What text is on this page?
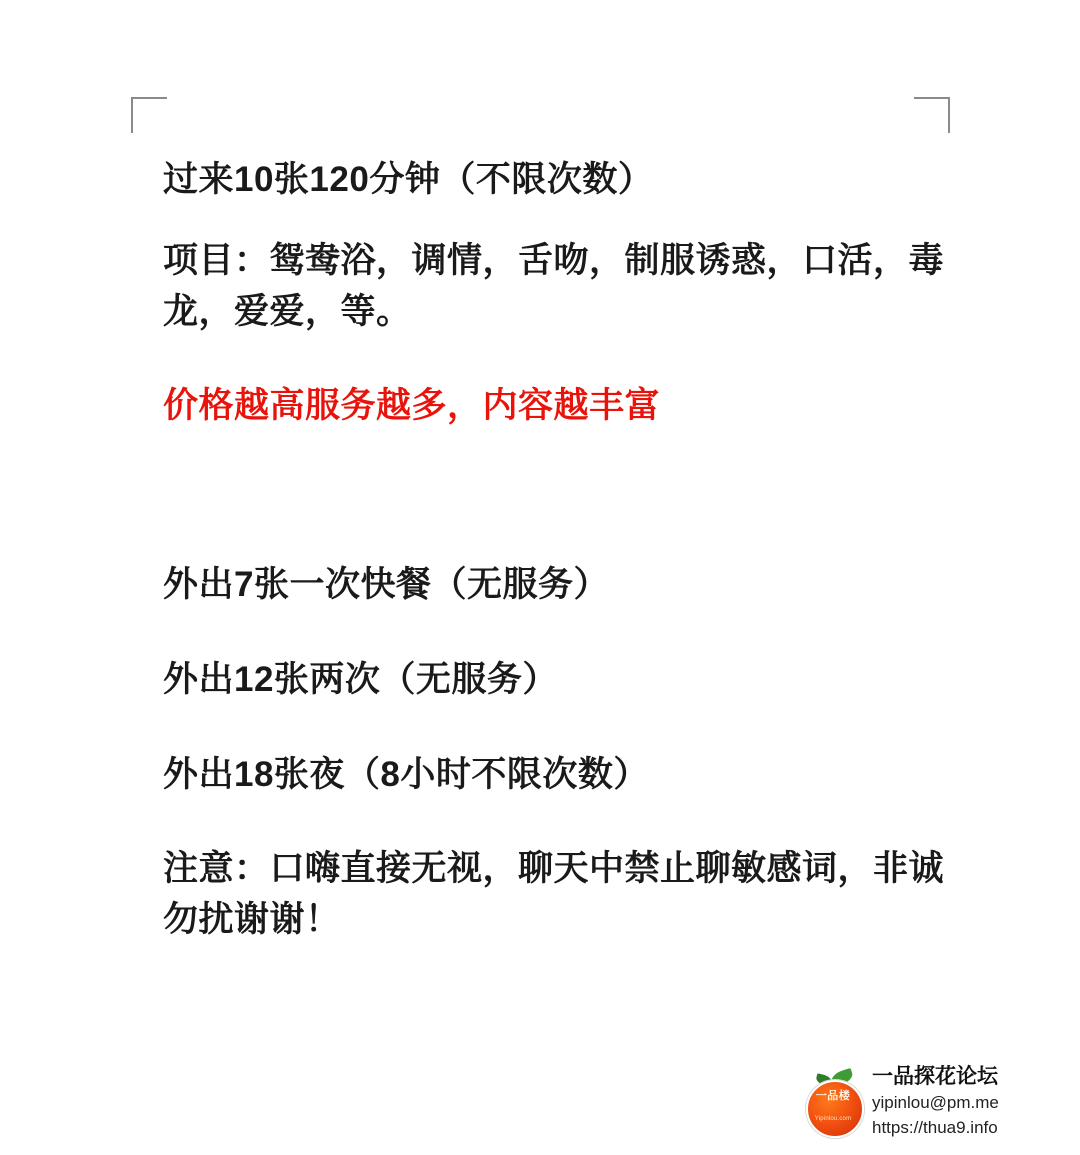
过来10张120分钟（不限次数）

项目：鸳鸯浴，调情，舌吻，制服诱惑，口活，毒龙，爱爱，等。

价格越高服务越多，内容越丰富

外出7张一次快餐（无服务）

外出12张两次（无服务）

外出18张夜（8小时不限次数）

注意：口嗨直接无视，聊天中禁止聊敏感词，非诚勿扰谢谢！

一品楼
Yipinlou.com
一品探花论坛
yipinlou@pm.me
https://thua9.info
